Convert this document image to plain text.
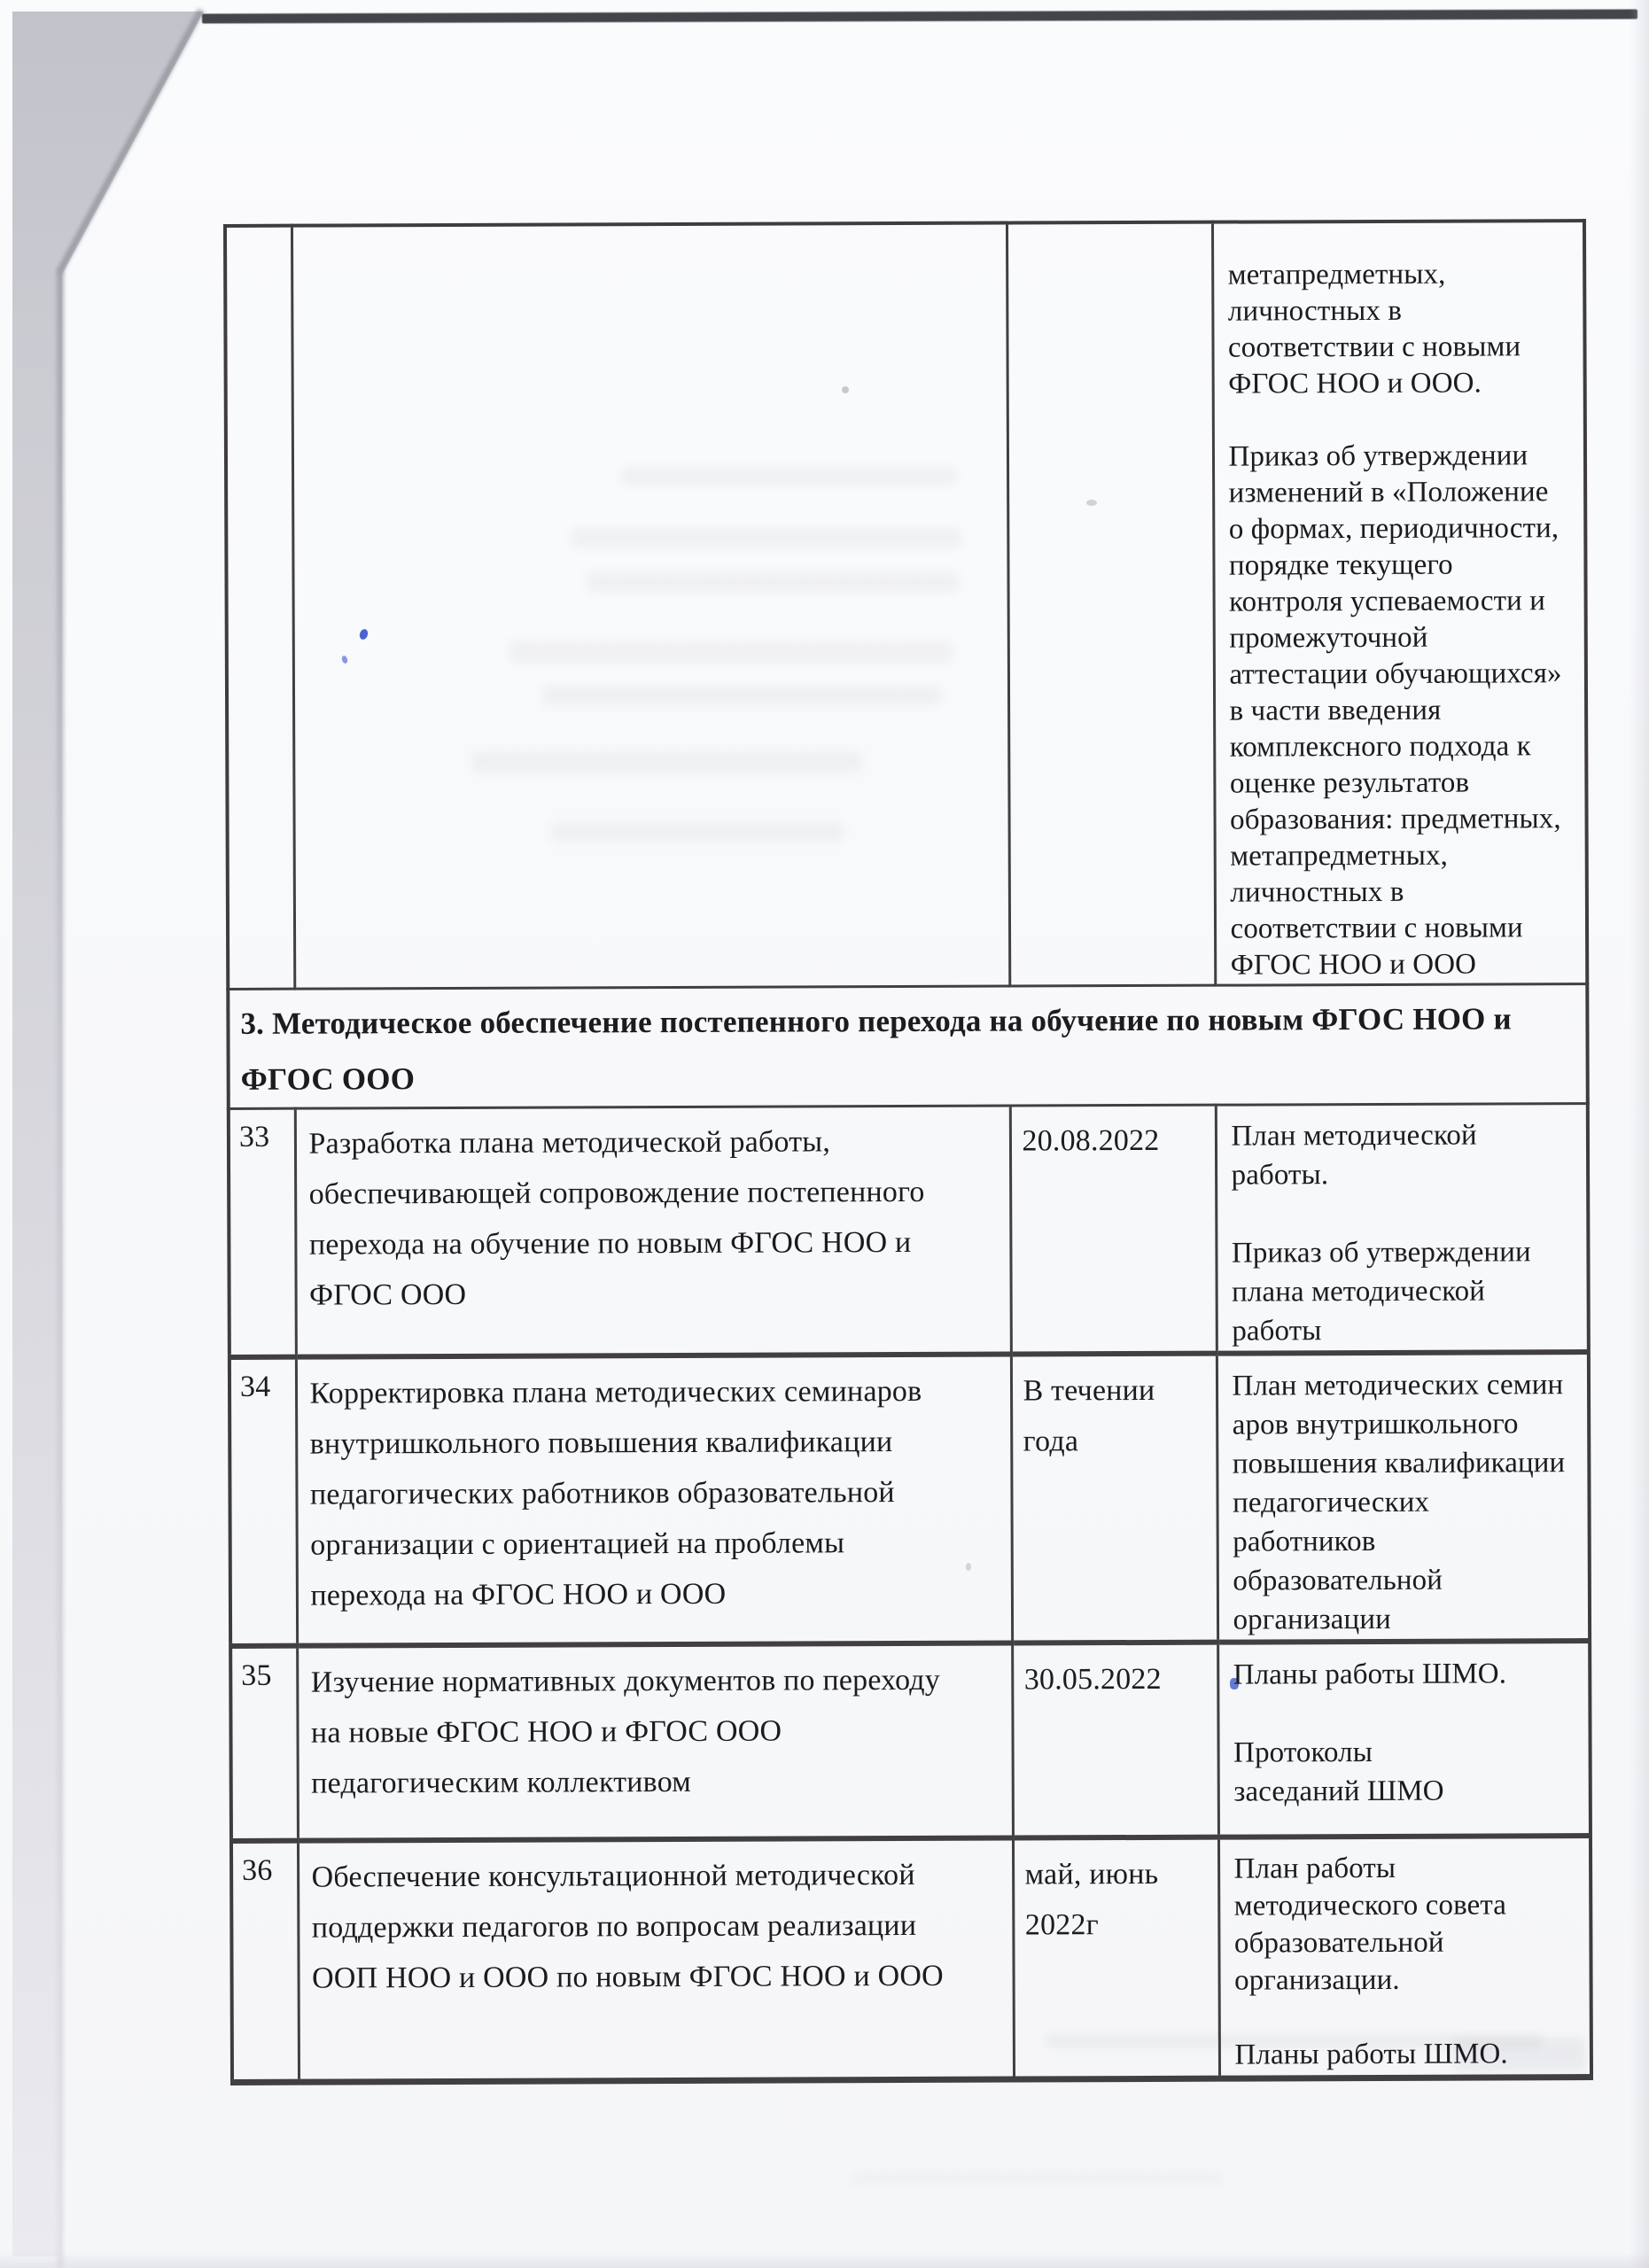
			метапредметных,
личностных в
соответствии с новыми
ФГОС НОО и ООО.

Приказ об утверждении
изменений в «Положение
о формах, периодичности,
порядке текущего
контроля успеваемости и
промежуточной
аттестации обучающихся»
в части введения
комплексного подхода к
оценке результатов
образования: предметных,
метапредметных,
личностных в
соответствии с новыми
ФГОС НОО и ООО
3. Методическое обеспечение постепенного перехода на обучение по новым ФГОС НОО и
ФГОС ООО			
33	Разработка плана методической работы,
обеспечивающей сопровождение постепенного
перехода на обучение по новым ФГОС НОО и
ФГОС ООО	20.08.2022	План методической
работы.

Приказ об утверждении
плана методической
работы
34	Корректировка плана методических семинаров
внутришкольного повышения квалификации
педагогических работников образовательной
организации с ориентацией на проблемы
перехода на ФГОС НОО и ООО	В течении
года	План методических семин
аров внутришкольного
повышения квалификации
педагогических
работников
образовательной
организации
35	Изучение нормативных документов по переходу
на новые ФГОС НОО и ФГОС ООО
педагогическим коллективом	30.05.2022	Планы работы ШМО.

Протоколы
заседаний ШМО
36	Обеспечение консультационной методической
поддержки педагогов по вопросам реализации
ООП НОО и ООО по новым ФГОС НОО и ООО	май, июнь
2022г	План работы
методического совета
образовательной
организации.

Планы работы ШМО.
